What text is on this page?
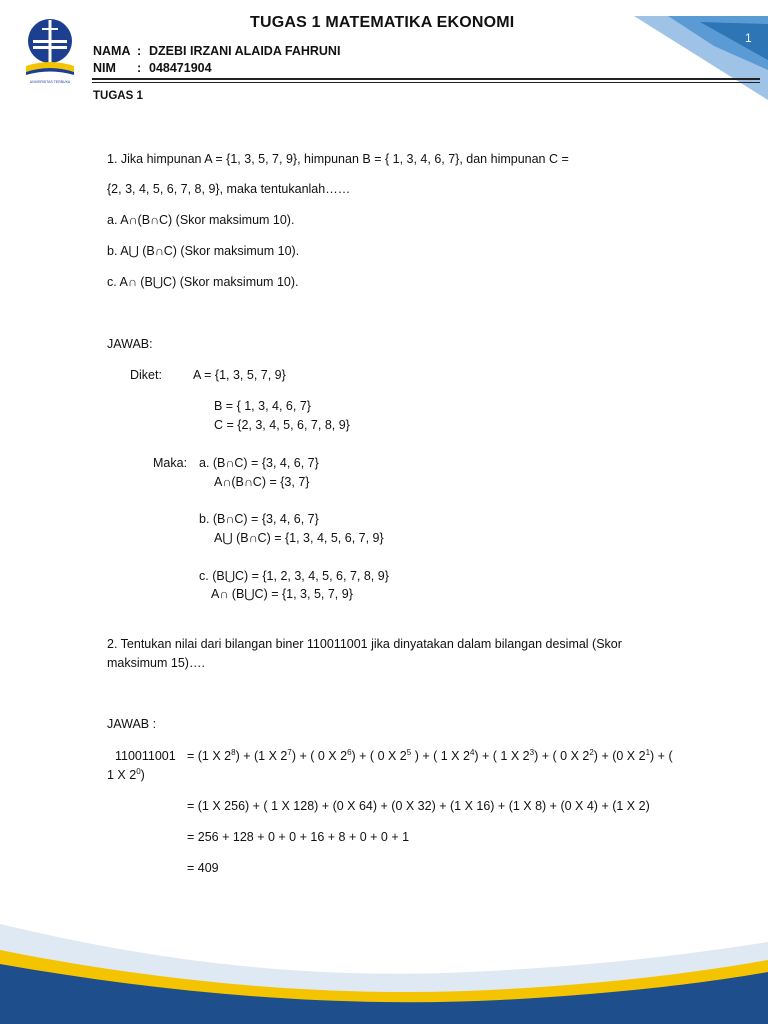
1
UNIVERSITAS TERBUKA
TUGAS 1 MATEMATIKA EKONOMI
NAMA : DZEBI IRZANI ALAIDA FAHRUNI
NIM : 048471904
TUGAS 1
1. Jika himpunan A = {1, 3, 5, 7, 9}, himpunan B = { 1, 3, 4, 6, 7}, dan himpunan C =
{2, 3, 4, 5, 6, 7, 8, 9}, maka tentukanlah……
a. A∩(B∩C) (Skor maksimum 10).
b. A⋃ (B∩C) (Skor maksimum 10).
c. A∩ (B⋃C) (Skor maksimum 10).
JAWAB:
Diket: A = {1, 3, 5, 7, 9}
B = { 1, 3, 4, 6, 7}
C = {2, 3, 4, 5, 6, 7, 8, 9}
Maka: a. (B∩C) = {3, 4, 6, 7}
A∩(B∩C) = {3, 7}
b. (B∩C) = {3, 4, 6, 7}
A⋃ (B∩C) = {1, 3, 4, 5, 6, 7, 9}
c. (B⋃C) = {1, 2, 3, 4, 5, 6, 7, 8, 9}
A∩ (B⋃C) = {1, 3, 5, 7, 9}
2. Tentukan nilai dari bilangan biner 110011001 jika dinyatakan dalam bilangan desimal (Skor
maksimum 15)….
JAWAB :
110011001 = (1 X $2^8) + (1$ X $2^7$) + ( 0 X $2^6$) + ( 0 X $2^5$ ) + ( 1 X $2^4$) + ( 1 X $2^3$) + ( 0 X $2^2) + (0$ X $2^1$) + (
1 X $2^0$)
= (1 X 256) + ( 1 X 128) + (0 X 64) + (0 X 32) + (1 X 16) + (1 X 8) + (0 X 4) + (1 X 2)
= 256 + 128 + 0 + 0 + 16 + 8 + 0 + 0 + 1
= 409
